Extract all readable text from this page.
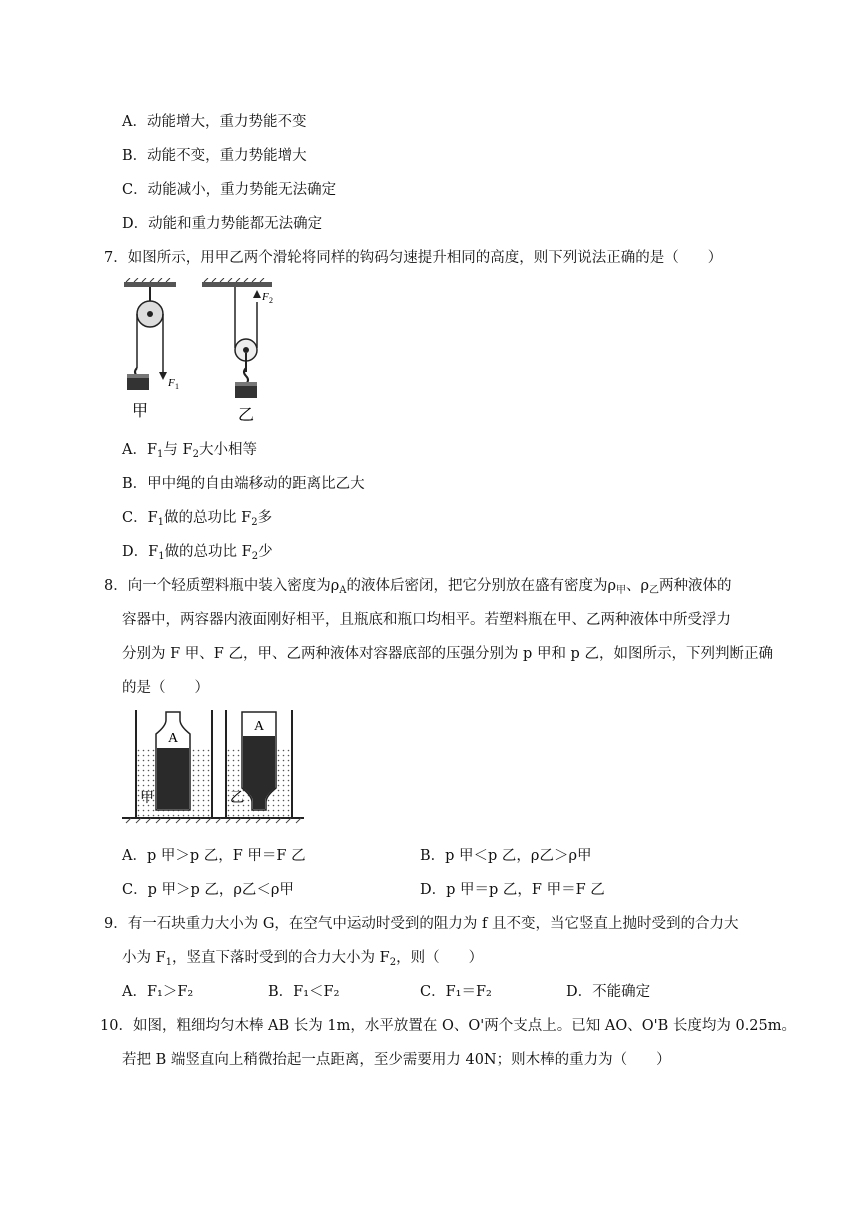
A．动能增大，重力势能不变
B．动能不变，重力势能增大
C．动能减小，重力势能无法确定
D．动能和重力势能都无法确定
7．如图所示，用甲乙两个滑轮将同样的钩码匀速提升相同的高度，则下列说法正确的是（　　）
F 1
甲
F 2
乙
A．$F_1$与 $F_2$大小相等
B．甲中绳的自由端移动的距离比乙大
C．$F_1$做的总功比 $F_2$多
D．$F_1$做的总功比 $F_2$少
8．向一个轻质塑料瓶中装入密度为$\rho_A$的液体后密闭，把它分别放在盛有密度为$\rho_甲$、$\rho_乙$两种液体的
容器中，两容器内液面刚好相平，且瓶底和瓶口均相平。若塑料瓶在甲、乙两种液体中所受浮力
分别为 F 甲、F 乙，甲、乙两种液体对容器底部的压强分别为 p 甲和 p 乙，如图所示，下列判断正确
的是（　　）
A
甲
A
乙
A．p 甲＞p 乙，F 甲＝F 乙	B．p 甲＜p 乙，ρ乙＞ρ甲
C．p 甲＞p 乙，ρ乙＜ρ甲	D．p 甲＝p 乙，F 甲＝F 乙
9．有一石块重力大小为 G，在空气中运动时受到的阻力为 f 且不变，当它竖直上抛时受到的合力大
小为 $F_1$，竖直下落时受到的合力大小为 $F_2$，则（　　）
A．F₁＞F₂	B．F₁＜F₂	C．F₁＝F₂	D．不能确定
10．如图，粗细均匀木棒 AB 长为 1m，水平放置在 O、O'两个支点上。已知 AO、O'B 长度均为 0.25m。
若把 B 端竖直向上稍微抬起一点距离，至少需要用力 40N；则木棒的重力为（　　）
